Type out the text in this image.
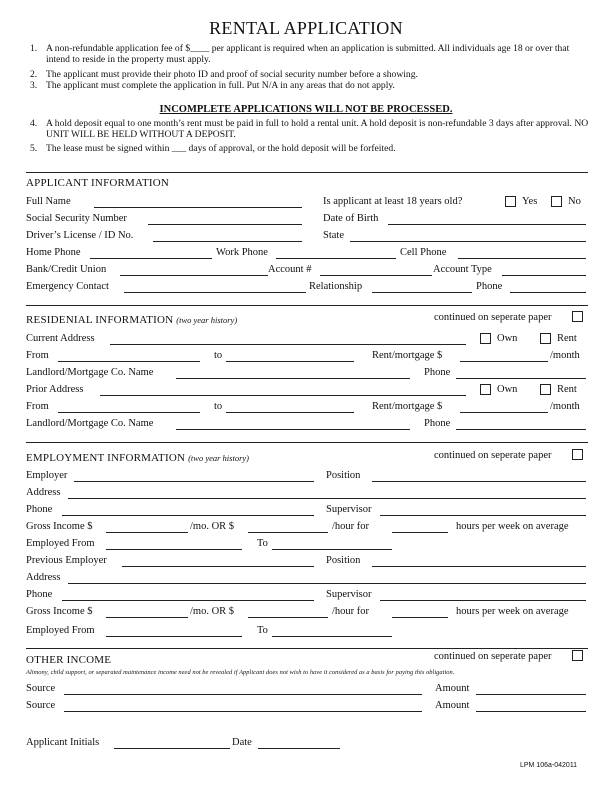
RENTAL APPLICATION
1. A non-refundable application fee of $____ per applicant is required when an application is submitted. All individuals age 18 or over that intend to reside in the property must apply.
2. The applicant must provide their photo ID and proof of social security number before a showing.
3. The applicant must complete the application in full. Put N/A in any areas that do not apply.
INCOMPLETE APPLICATIONS WILL NOT BE PROCESSED.
4. A hold deposit equal to one month’s rent must be paid in full to hold a rental unit. A hold deposit is non-refundable 3 days after approval. NO UNIT WILL BE HELD WITHOUT A DEPOSIT.
5. The lease must be signed within ___ days of approval, or the hold deposit will be forfeited.
APPLICANT INFORMATION
Full Name	Is applicant at least 18 years old?	Yes	No
Social Security Number	Date of Birth
Driver’s License / ID No.	State
Home Phone	Work Phone	Cell Phone
Bank/Credit Union	Account #	Account Type
Emergency Contact	Relationship	Phone
RESIDENIAL INFORMATION (two year history)	continued on seperate paper
Current Address	Own	Rent
From	to	Rent/mortgage $	/month
Landlord/Mortgage Co. Name	Phone
Prior Address	Own	Rent
From	to	Rent/mortgage $	/month
Landlord/Mortgage Co. Name	Phone
EMPLOYMENT INFORMATION (two year history)	continued on seperate paper
Employer	Position
Address
Phone	Supervisor
Gross Income $	/mo. OR $	/hour for	hours per week on average
Employed From	To
Previous Employer	Position
Address
Phone	Supervisor
Gross Income $	/mo. OR $	/hour for	hours per week on average
Employed From	To
OTHER INCOME	continued on seperate paper
Alimony, child support, or separated maintenance income need not be revealed if Applicant does not wish to have it considered as a basis for paying this obligation.
Source	Amount
Source	Amount
Applicant Initials	Date
LPM 106a-042011
